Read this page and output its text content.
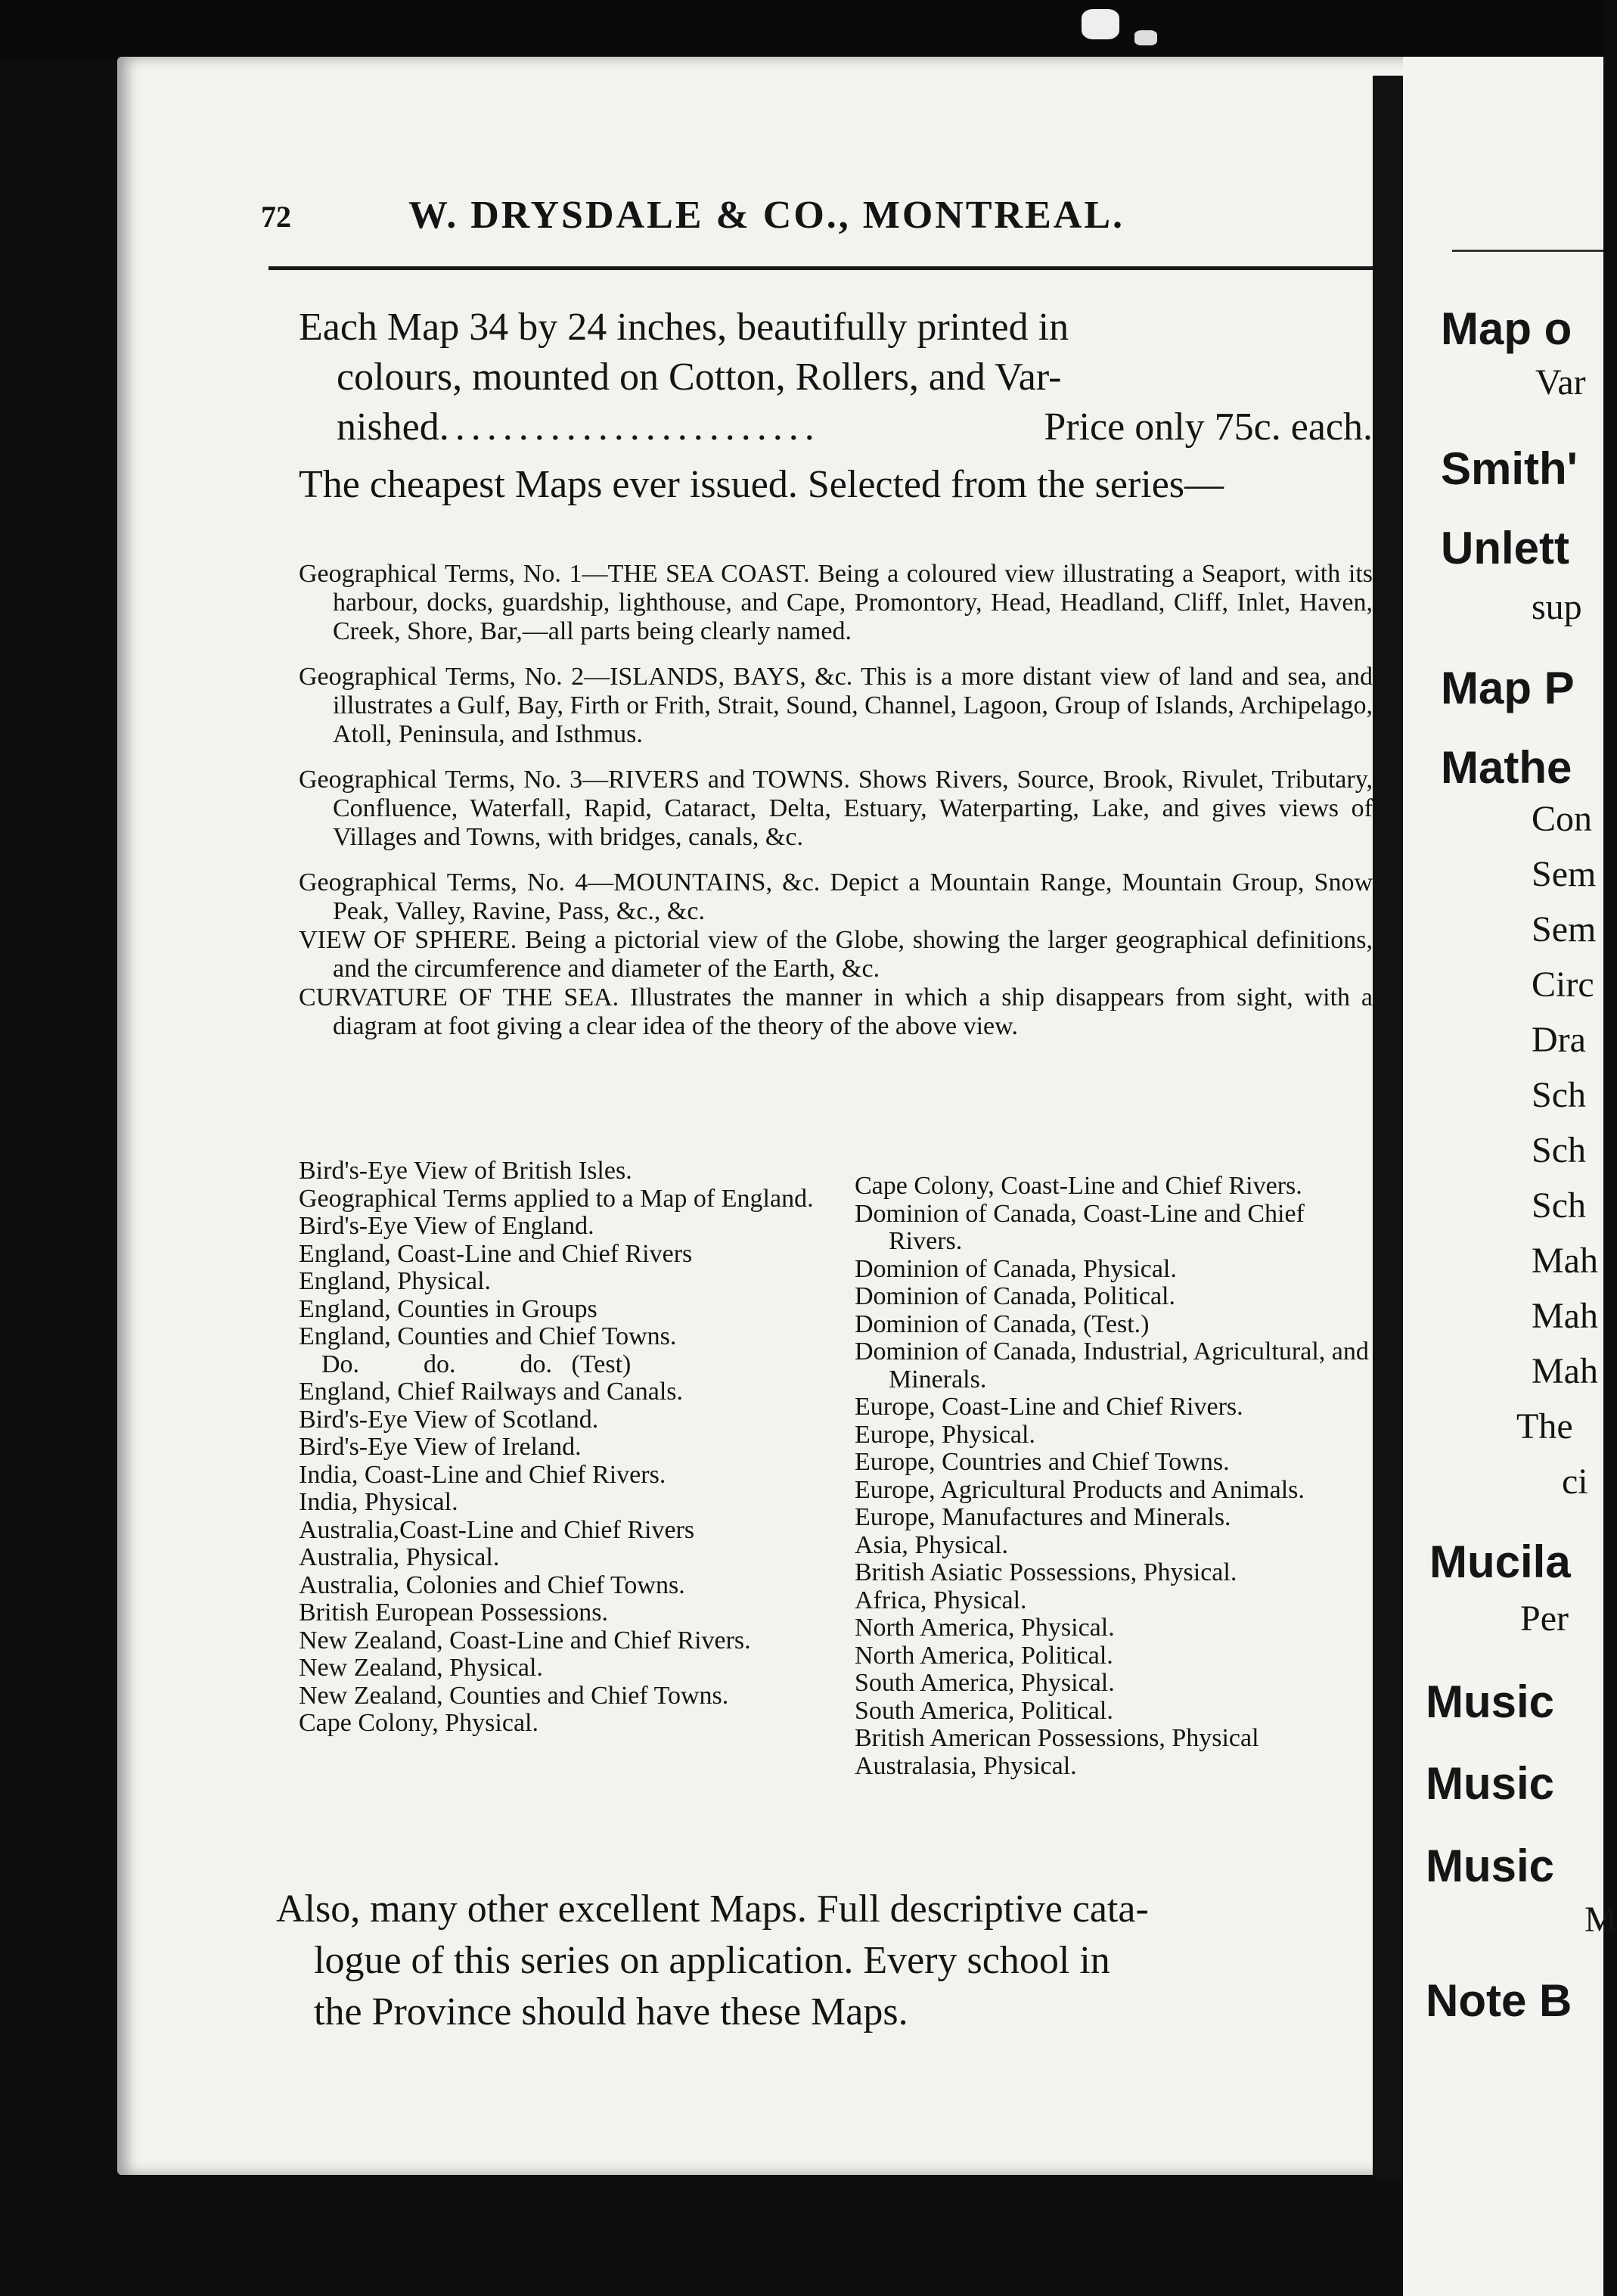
Map o
Var
Smith'
Unlett
sup
Map P
Mathe
Con
Sem
Sem
Circ
Dra
Sch
Sch
Sch
Mah
Mah
Mah
The
ci
Mucila
Per
Music
Music
Music
M
Note B
72	W. DRYSDALE & CO., MONTREAL.

Each Map 34 by 24 inches, beautifully printed in

colours, mounted on Cotton, Rollers, and Var-

nished ........................	Price only 75c. each.

The cheapest Maps ever issued. Selected from the series—

Geographical Terms, No. 1—THE SEA COAST. Being a coloured view illustrating a Seaport, with its harbour, docks, guardship, lighthouse, and Cape, Promontory, Head, Headland, Cliff, Inlet, Haven, Creek, Shore, Bar,—all parts being clearly named.

Geographical Terms, No. 2—ISLANDS, BAYS, &c. This is a more distant view of land and sea, and illustrates a Gulf, Bay, Firth or Frith, Strait, Sound, Channel, Lagoon, Group of Islands, Archipelago, Atoll, Peninsula, and Isthmus.

Geographical Terms, No. 3—RIVERS and TOWNS. Shows Rivers, Source, Brook, Rivulet, Tributary, Confluence, Waterfall, Rapid, Cataract, Delta, Estuary, Waterparting, Lake, and gives views of Villages and Towns, with bridges, canals, &c.

Geographical Terms, No. 4—MOUNTAINS, &c. Depict a Mountain Range, Mountain Group, Snow Peak, Valley, Ravine, Pass, &c., &c.

VIEW OF SPHERE. Being a pictorial view of the Globe, showing the larger geographical definitions, and the circumference and diameter of the Earth, &c.

CURVATURE OF THE SEA. Illustrates the manner in which a ship disappears from sight, with a diagram at foot giving a clear idea of the theory of the above view.

Bird's-Eye View of British Isles.
Geographical Terms applied to a Map of England.
Bird's-Eye View of England.
England, Coast-Line and Chief Rivers
England, Physical.
England, Counties in Groups
England, Counties and Chief Towns.
Do.          do.          do.   (Test)
England, Chief Railways and Canals.
Bird's-Eye View of Scotland.
Bird's-Eye View of Ireland.
India, Coast-Line and Chief Rivers.
India, Physical.
Australia,Coast-Line and Chief Rivers
Australia, Physical.
Australia, Colonies and Chief Towns.
British European Possessions.
New Zealand, Coast-Line and Chief Rivers.
New Zealand, Physical.
New Zealand, Counties and Chief Towns.
Cape Colony, Physical.
Cape Colony, Coast-Line and Chief Rivers.
Dominion of Canada, Coast-Line and Chief Rivers.
Dominion of Canada, Physical.
Dominion of Canada, Political.
Dominion of Canada, (Test.)
Dominion of Canada, Industrial, Agricultural, and Minerals.
Europe, Coast-Line and Chief Rivers.
Europe, Physical.
Europe, Countries and Chief Towns.
Europe, Agricultural Products and Animals.
Europe, Manufactures and Minerals.
Asia, Physical.
British Asiatic Possessions, Physical.
Africa, Physical.
North America, Physical.
North America, Political.
South America, Physical.
South America, Political.
British American Possessions, Physical
Australasia, Physical.

Also, many other excellent Maps. Full descriptive cata-

logue of this series on application. Every school in

the Province should have these Maps.
